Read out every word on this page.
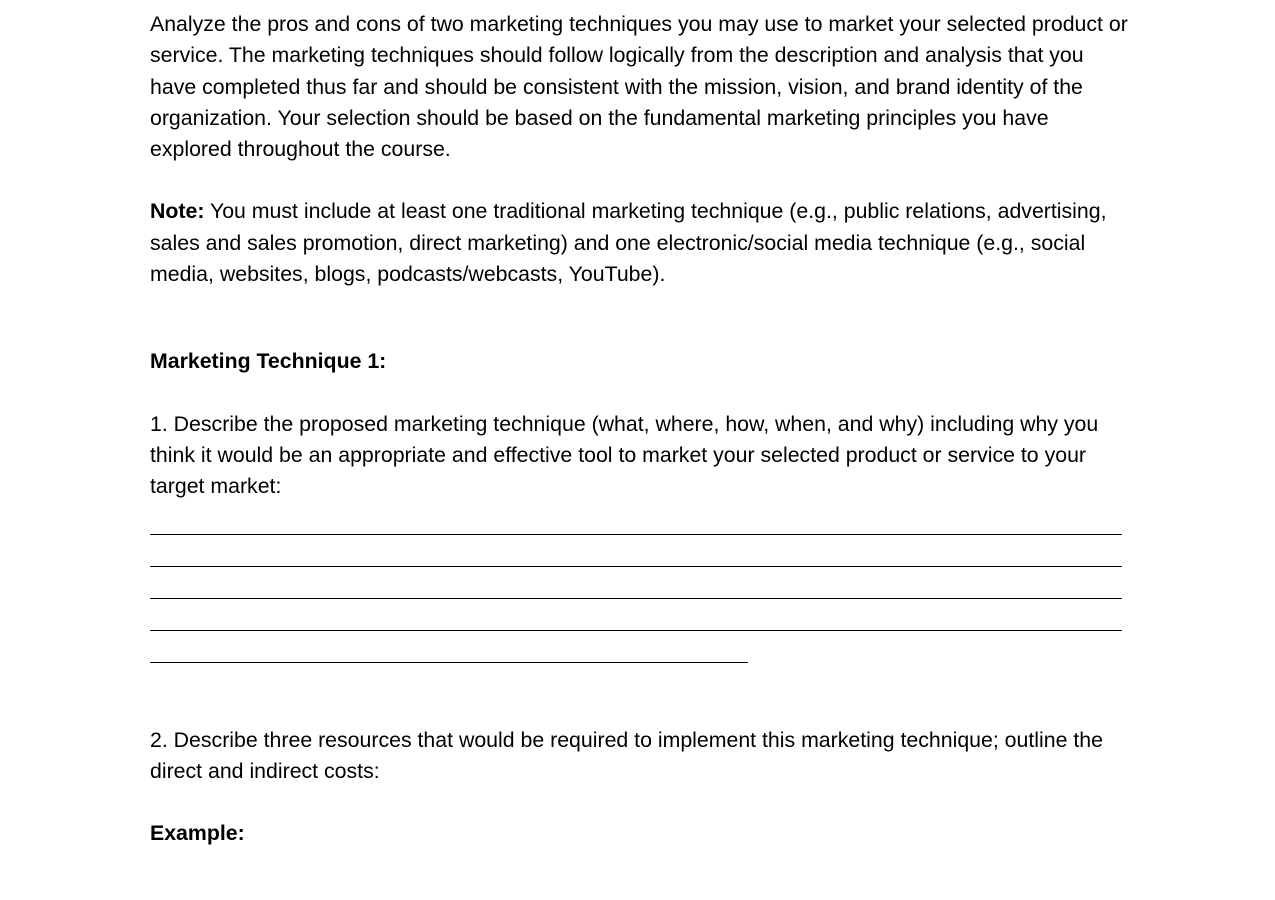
Analyze the pros and cons of two marketing techniques you may use to market your selected product or service. The marketing techniques should follow logically from the description and analysis that you have completed thus far and should be consistent with the mission, vision, and brand identity of the organization. Your selection should be based on the fundamental marketing principles you have explored throughout the course.

Note: You must include at least one traditional marketing technique (e.g., public relations, advertising, sales and sales promotion, direct marketing) and one electronic/social media technique (e.g., social media, websites, blogs, podcasts/webcasts, YouTube).

Marketing Technique 1:

1. Describe the proposed marketing technique (what, where, how, when, and why) including why you think it would be an appropriate and effective tool to market your selected product or service to your target market:

2. Describe three resources that would be required to implement this marketing technique; outline the direct and indirect costs:

Example:
